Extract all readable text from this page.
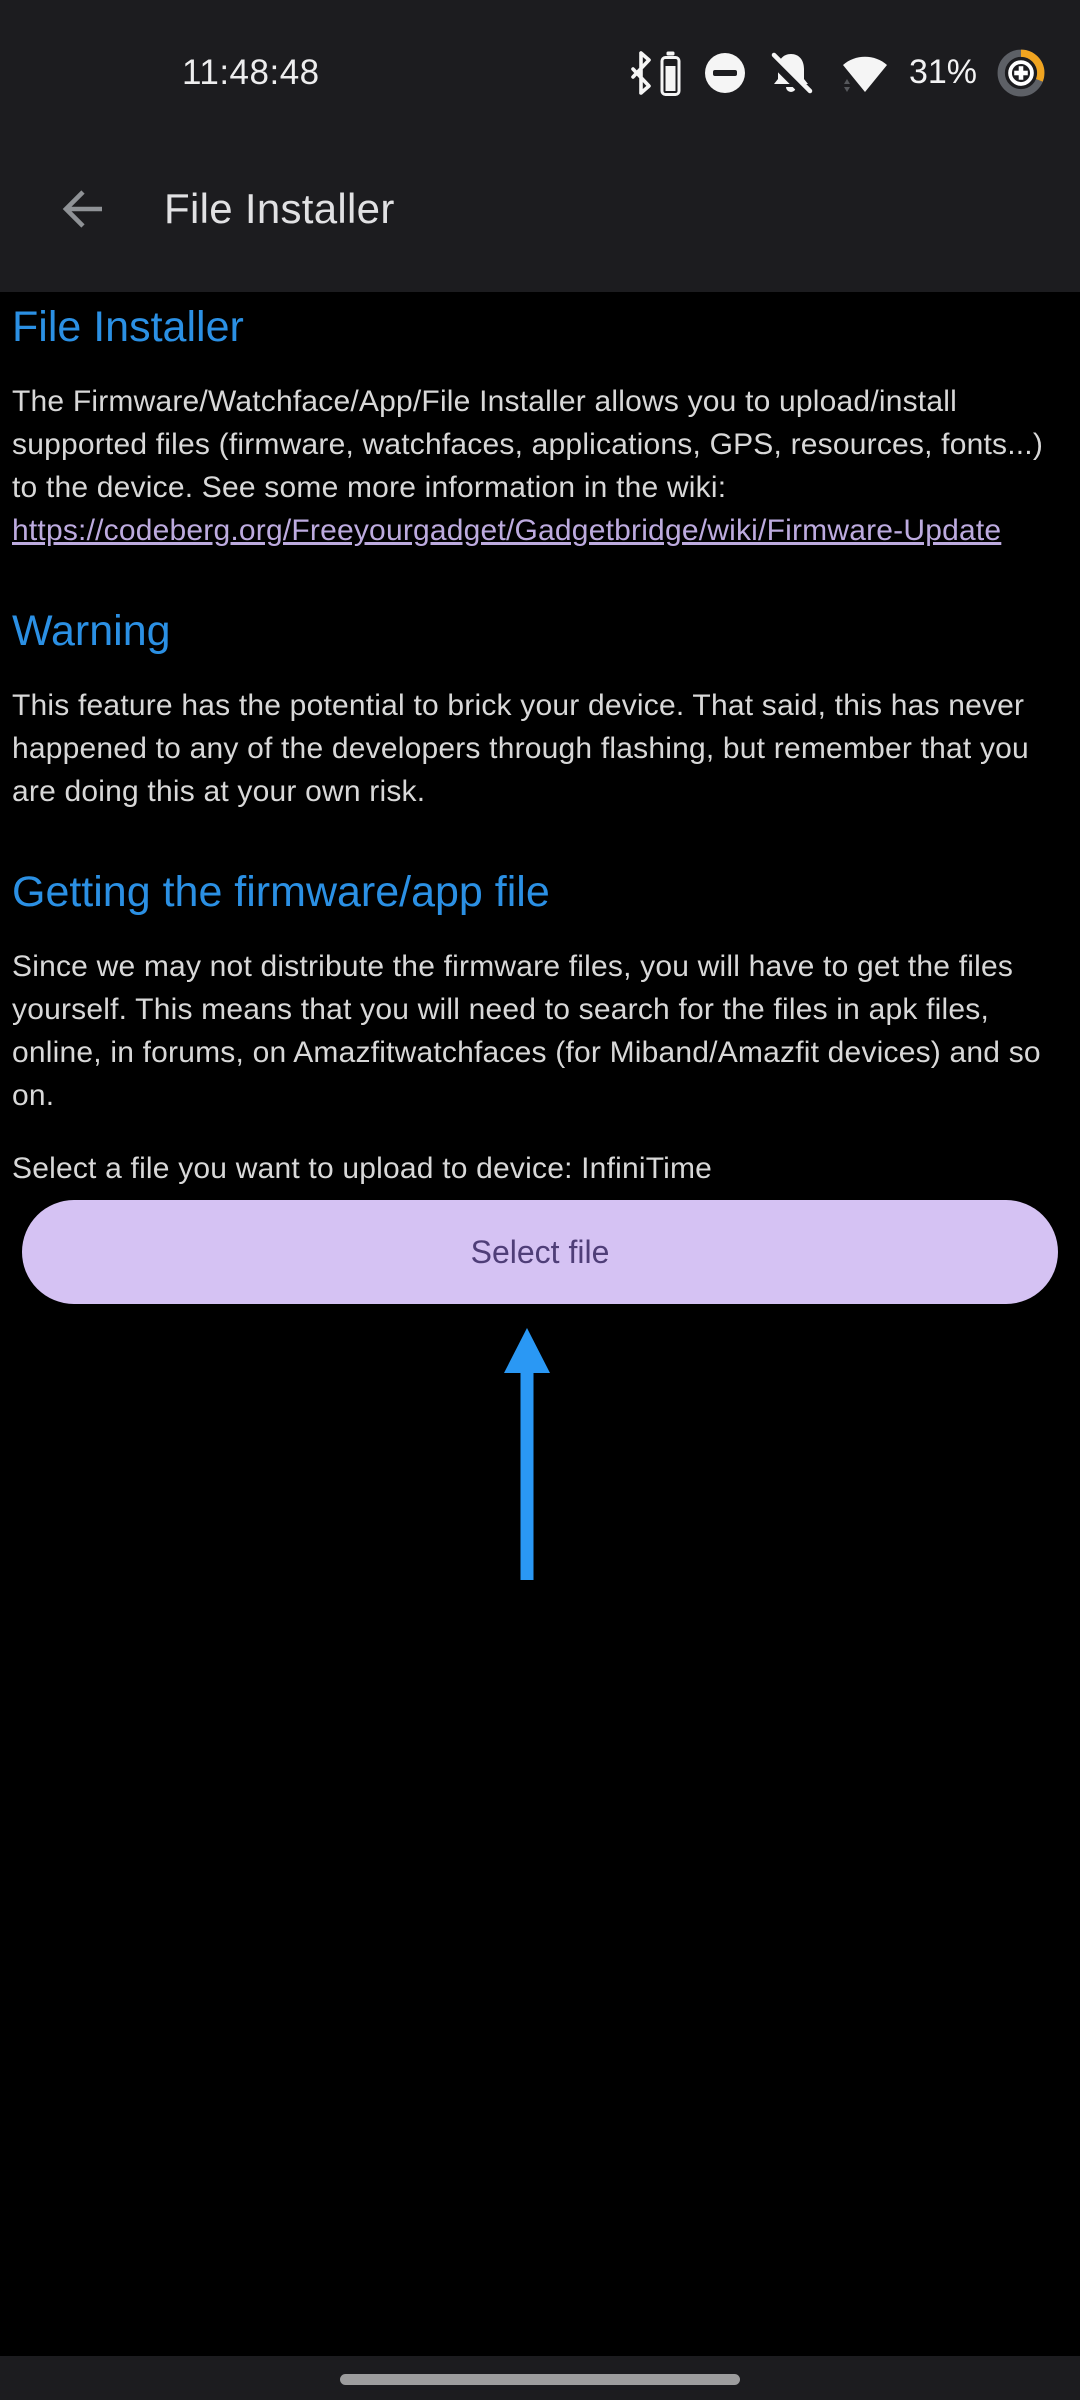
11:48:48	31%
File Installer
File Installer

The Firmware/Watchface/App/File Installer allows you to upload/install supported files (firmware, watchfaces, applications, GPS, resources, fonts...) to the device. See some more information in the wiki: https://codeberg.org/Freeyourgadget/Gadgetbridge/wiki/Firmware-Update

Warning

This feature has the potential to brick your device. That said, this has never happened to any of the developers through flashing, but remember that you are doing this at your own risk.

Getting the firmware/app file

Since we may not distribute the firmware files, you will have to get the files yourself. This means that you will need to search for the files in apk files, online, in forums, on Amazfitwatchfaces (for Miband/Amazfit devices) and so on.

Select a file you want to upload to device: InfiniTime

Select file
